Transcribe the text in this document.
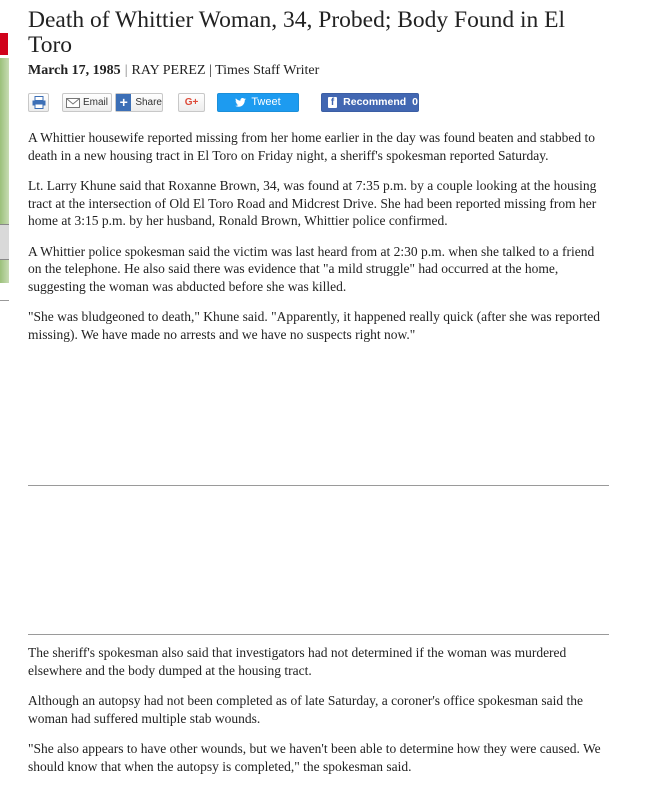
Death of Whittier Woman, 34, Probed; Body Found in El Toro
March 17, 1985 | RAY PEREZ | Times Staff Writer
Email + Share G+	Tweet	f Recommend 0

A Whittier housewife reported missing from her home earlier in the day was found beaten and stabbed to death in a new housing tract in El Toro on Friday night, a sheriff's spokesman reported Saturday.

Lt. Larry Khune said that Roxanne Brown, 34, was found at 7:35 p.m. by a couple looking at the housing tract at the intersection of Old El Toro Road and Midcrest Drive. She had been reported missing from her home at 3:15 p.m. by her husband, Ronald Brown, Whittier police confirmed.

A Whittier police spokesman said the victim was last heard from at 2:30 p.m. when she talked to a friend on the telephone. He also said there was evidence that "a mild struggle" had occurred at the home, suggesting the woman was abducted before she was killed.

"She was bludgeoned to death," Khune said. "Apparently, it happened really quick (after she was reported missing). We have made no arrests and we have no suspects right now."

The sheriff's spokesman also said that investigators had not determined if the woman was murdered elsewhere and the body dumped at the housing tract.

Although an autopsy had not been completed as of late Saturday, a coroner's office spokesman said the woman had suffered multiple stab wounds.

"She also appears to have other wounds, but we haven't been able to determine how they were caused. We should know that when the autopsy is completed," the spokesman said.
